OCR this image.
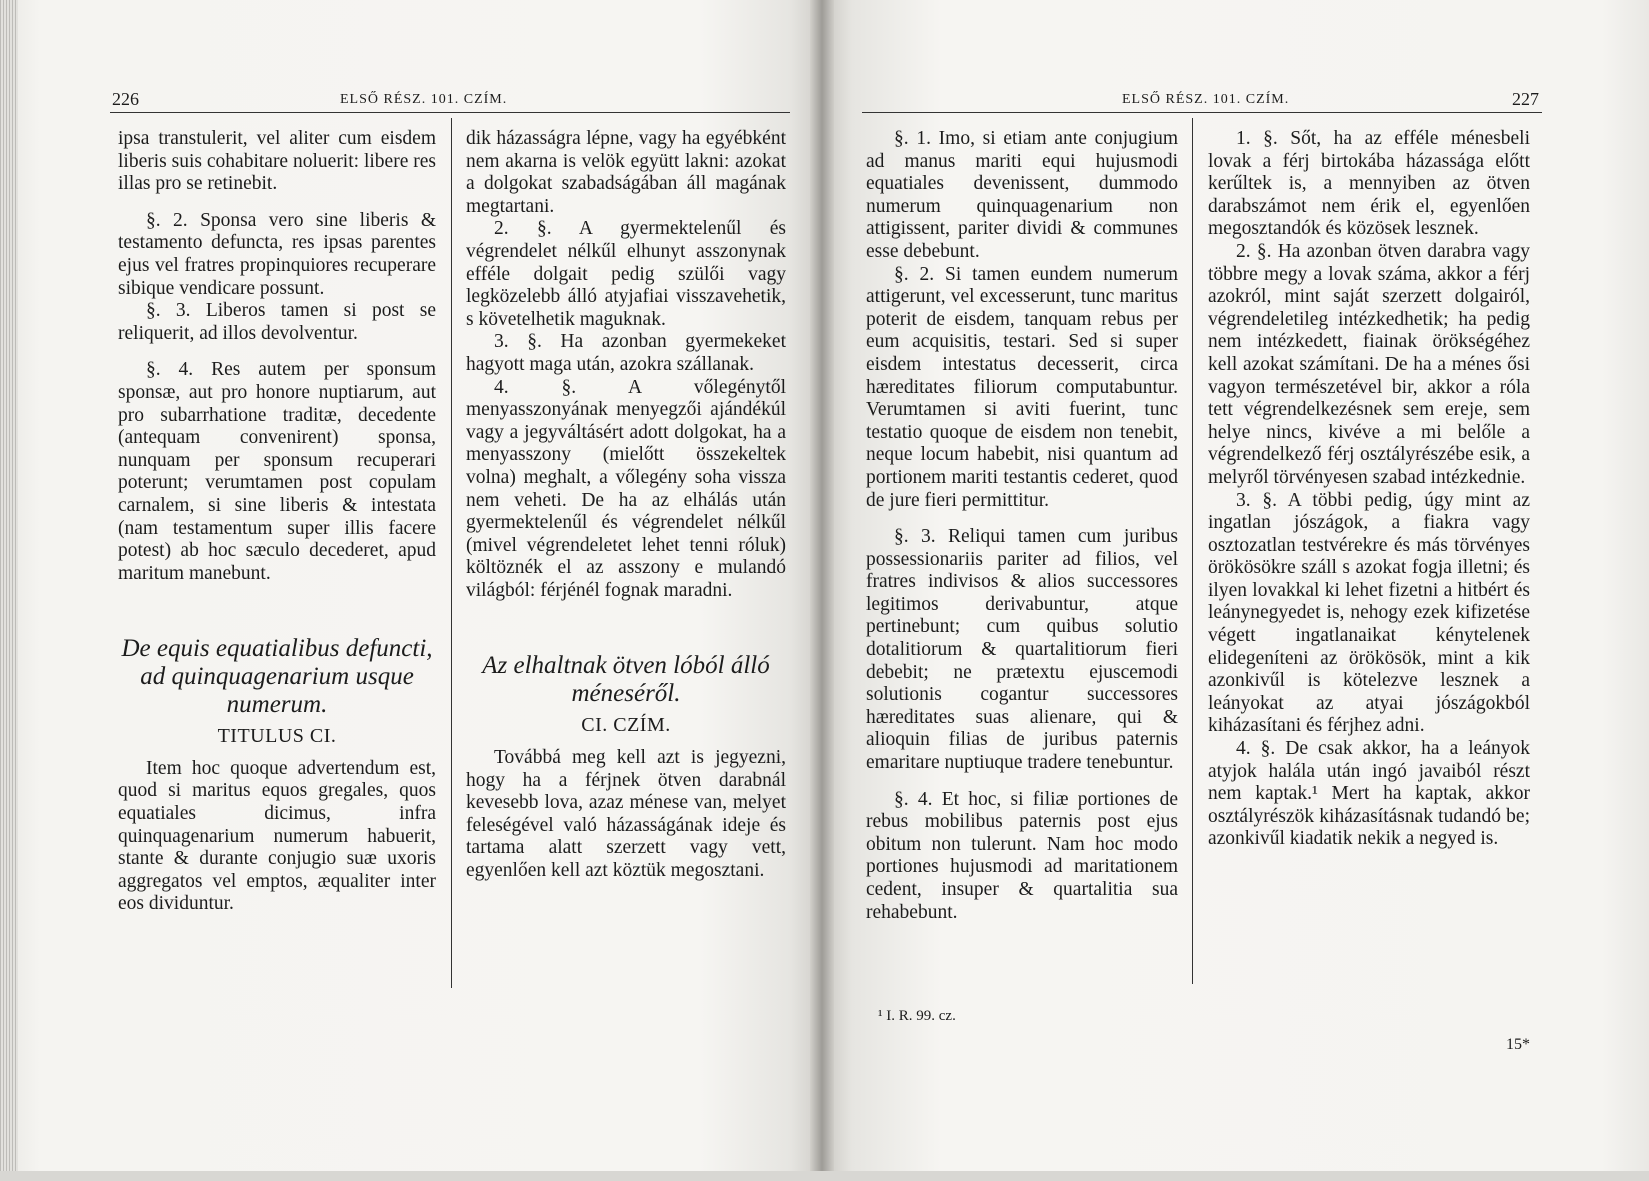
226	ELSŐ RÉSZ. 101. CZÍM.

ipsa transtulerit, vel aliter cum eisdem liberis suis cohabitare noluerit: libere res illas pro se retinebit.

§. 2. Sponsa vero sine liberis & testamento defuncta, res ipsas parentes ejus vel fratres propinquiores recuperare sibique vendicare possunt.

§. 3. Liberos tamen si post se reliquerit, ad illos devolventur.

§. 4. Res autem per sponsum sponsæ, aut pro honore nuptiarum, aut pro subarrhatione traditæ, decedente (antequam convenirent) sponsa, nunquam per sponsum recuperari poterunt; verumtamen post copulam carnalem, si sine liberis & intestata (nam testamentum super illis facere potest) ab hoc sæculo decederet, apud maritum manebunt.

De equis equatialibus defuncti, ad quinquagenarium usque numerum.

TITULUS CI.

Item hoc quoque advertendum est, quod si maritus equos gregales, quos equatiales dicimus, infra quinquagenarium numerum habuerit, stante & durante conjugio suæ uxoris aggregatos vel emptos, æqualiter inter eos dividuntur.

dik házasságra lépne, vagy ha egyébként nem akarna is velök együtt lakni: azokat a dolgokat szabadságában áll magának megtartani.

2. §. A gyermektelenűl és végrendelet nélkűl elhunyt asszonynak efféle dolgait pedig szülői vagy legközelebb álló atyjafiai visszavehetik, s követelhetik maguknak.

3. §. Ha azonban gyermekeket hagyott maga után, azokra szállanak.

4. §. A vőlegénytől menyasszonyának menyegzői ajándékúl vagy a jegyváltásért adott dolgokat, ha a menyasszony (mielőtt összekeltek volna) meghalt, a vőlegény soha vissza nem veheti. De ha az elhálás után gyermektelenűl és végrendelet nélkűl (mivel végrendeletet lehet tenni róluk) költöznék el az asszony e mulandó világból: férjénél fognak maradni.

Az elhaltnak ötven lóból álló méneséről.

CI. CZÍM.

Továbbá meg kell azt is jegyezni, hogy ha a férjnek ötven darabnál kevesebb lova, azaz ménese van, melyet feleségével való házasságának ideje és tartama alatt szerzett vagy vett, egyenlően kell azt köztük megosztani.

ELSŐ RÉSZ. 101. CZÍM.	227

§. 1. Imo, si etiam ante conjugium ad manus mariti equi hujusmodi equatiales devenissent, dummodo numerum quinquagenarium non attigissent, pariter dividi & communes esse debebunt.

§. 2. Si tamen eundem numerum attigerunt, vel excesserunt, tunc maritus poterit de eisdem, tanquam rebus per eum acquisitis, testari. Sed si super eisdem intestatus decesserit, circa hæreditates filiorum computabuntur. Verumtamen si aviti fuerint, tunc testatio quoque de eisdem non tenebit, neque locum habebit, nisi quantum ad portionem mariti testantis cederet, quod de jure fieri permittitur.

§. 3. Reliqui tamen cum juribus possessionariis pariter ad filios, vel fratres indivisos & alios successores legitimos derivabuntur, atque pertinebunt; cum quibus solutio dotalitiorum & quartalitiorum fieri debebit; ne prætextu ejuscemodi solutionis cogantur successores hæreditates suas alienare, qui & alioquin filias de juribus paternis emaritare nuptiuque tradere tenebuntur.

§. 4. Et hoc, si filiæ portiones de rebus mobilibus paternis post ejus obitum non tulerunt. Nam hoc modo portiones hujusmodi ad maritationem cedent, insuper & quartalitia sua rehabebunt.

1. §. Sőt, ha az efféle ménesbeli lovak a férj birtokába házassága előtt kerűltek is, a mennyiben az ötven darabszámot nem érik el, egyenlően megosztandók és közösek lesznek.

2. §. Ha azonban ötven darabra vagy többre megy a lovak száma, akkor a férj azokról, mint saját szerzett dolgairól, végrendeletileg intézkedhetik; ha pedig nem intézkedett, fiainak örökségéhez kell azokat számítani. De ha a ménes ősi vagyon természetével bir, akkor a róla tett végrendelkezésnek sem ereje, sem helye nincs, kivéve a mi belőle a végrendelkező férj osztályrészébe esik, a melyről törvényesen szabad intézkednie.

3. §. A többi pedig, úgy mint az ingatlan jószágok, a fiakra vagy osztozatlan testvérekre és más törvényes örökösökre száll s azokat fogja illetni; és ilyen lovakkal ki lehet fizetni a hitbért és leánynegyedet is, nehogy ezek kifizetése végett ingatlanaikat kénytelenek elidegeníteni az örökösök, mint a kik azonkivűl is kötelezve lesznek a leányokat az atyai jószágokból kiházasítani és férjhez adni.

4. §. De csak akkor, ha a leányok atyjok halála után ingó javaiból részt nem kaptak.¹ Mert ha kaptak, akkor osztályrészök kiházasításnak tudandó be; azonkivűl kiadatik nekik a negyed is.

¹ I. R. 99. cz.
15*
